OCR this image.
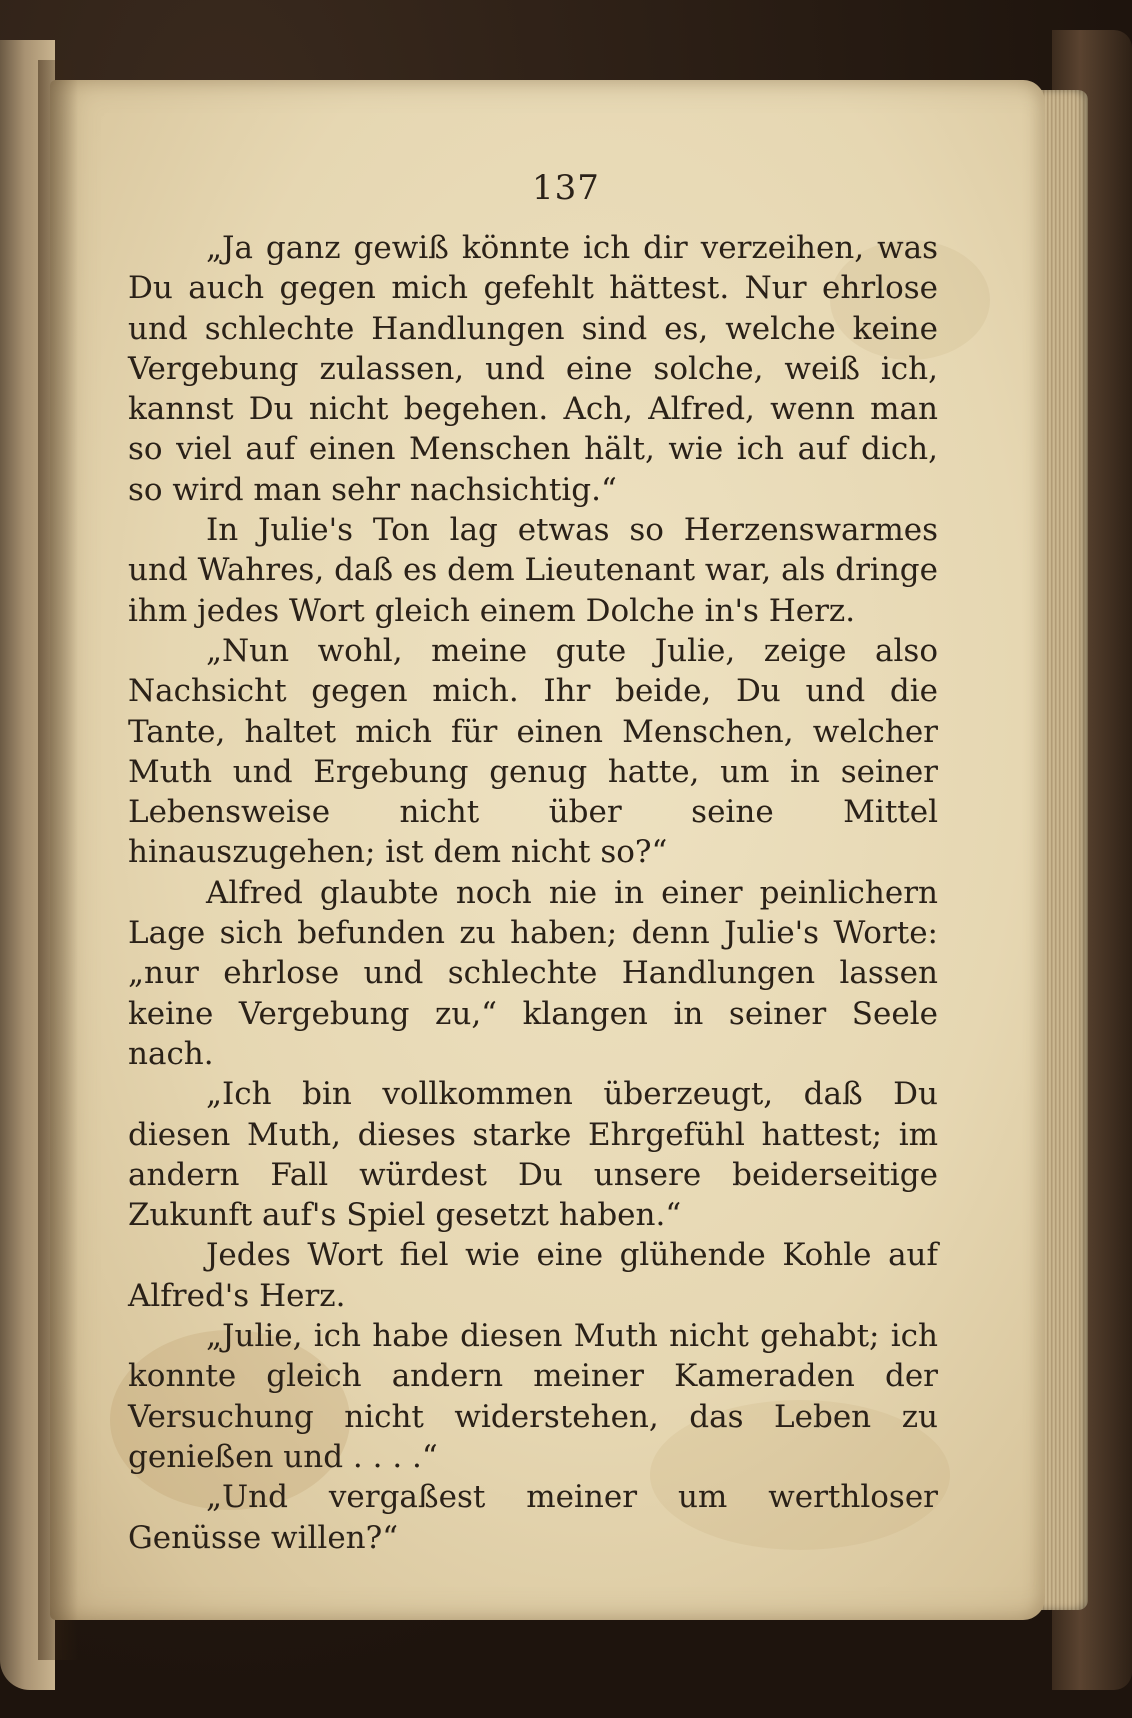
137

„Ja ganz gewiß könnte ich dir verzeihen, was Du auch gegen mich gefehlt hättest. Nur ehrlose und schlechte Handlungen sind es, welche keine Vergebung zulassen, und eine solche, weiß ich, kannst Du nicht begehen. Ach, Alfred, wenn man so viel auf einen Menschen hält, wie ich auf dich, so wird man sehr nachsichtig.“

In Julie's Ton lag etwas so Herzenswarmes und Wahres, daß es dem Lieutenant war, als dringe ihm jedes Wort gleich einem Dolche in's Herz.

„Nun wohl, meine gute Julie, zeige also Nachsicht gegen mich. Ihr beide, Du und die Tante, haltet mich für einen Menschen, welcher Muth und Ergebung genug hatte, um in seiner Lebensweise nicht über seine Mittel hinauszugehen; ist dem nicht so?“

Alfred glaubte noch nie in einer peinlichern Lage sich befunden zu haben; denn Julie's Worte: „nur ehrlose und schlechte Handlungen lassen keine Vergebung zu,“ klangen in seiner Seele nach.

„Ich bin vollkommen überzeugt, daß Du diesen Muth, dieses starke Ehrgefühl hattest; im andern Fall würdest Du unsere beiderseitige Zukunft auf's Spiel gesetzt haben.“

Jedes Wort fiel wie eine glühende Kohle auf Alfred's Herz.

„Julie, ich habe diesen Muth nicht gehabt; ich konnte gleich andern meiner Kameraden der Versuchung nicht widerstehen, das Leben zu genießen und . . . .“

„Und vergaßest meiner um werthloser Genüsse willen?“
